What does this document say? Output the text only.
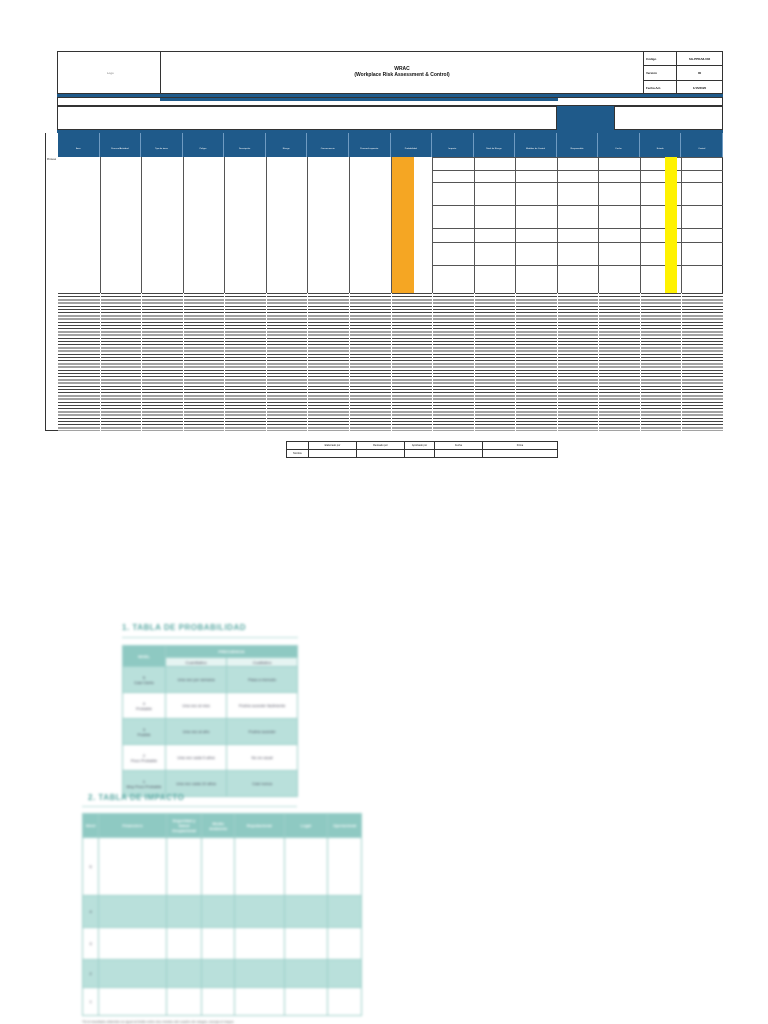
Logo
WRAC
(Workplace Risk Assessment & Control)
Código	SG-PPDA8-002
Versión	00
Fecha Act.	1/15/2020
Área	Proceso/Actividad	Tipo de tarea	Peligro	Descripción	Riesgo	Consecuencia	Personal expuesto	Probabilidad	Impacto	Nivel de Riesgo	Medidas de Control	Responsable	Fecha	Estado	Control
Proceso
Elaborado por	Revisado por	Aprobado por	Fecha	Firma
Nombre
1. TABLA DE PROBABILIDAD
NIVEL	FRECUENCIA	
	Cuantitativo	Cualitativo
5
Casi Cierto	Una vez por semana	Pasa a menudo
4
Probable	Una vez al mes	Podría suceder fácilmente
3
Posible	Una vez al año	Podría suceder
2
Poco Probable	Una vez cada 5 años	No es usual
1
Muy Poco Probable	Una vez cada 10 años	Casi nunca
2. TABLA DE IMPACTO
Nivel	Financiero	Seguridad y Salud Ocupacional	Medio Ambiente	Reputacional	Legal	Operacional
5						
4						
3						
2						
1						
*Si el resultado obtenido es igual al limite entre dos niveles del cuadro de rangos, escoja el mayor.
